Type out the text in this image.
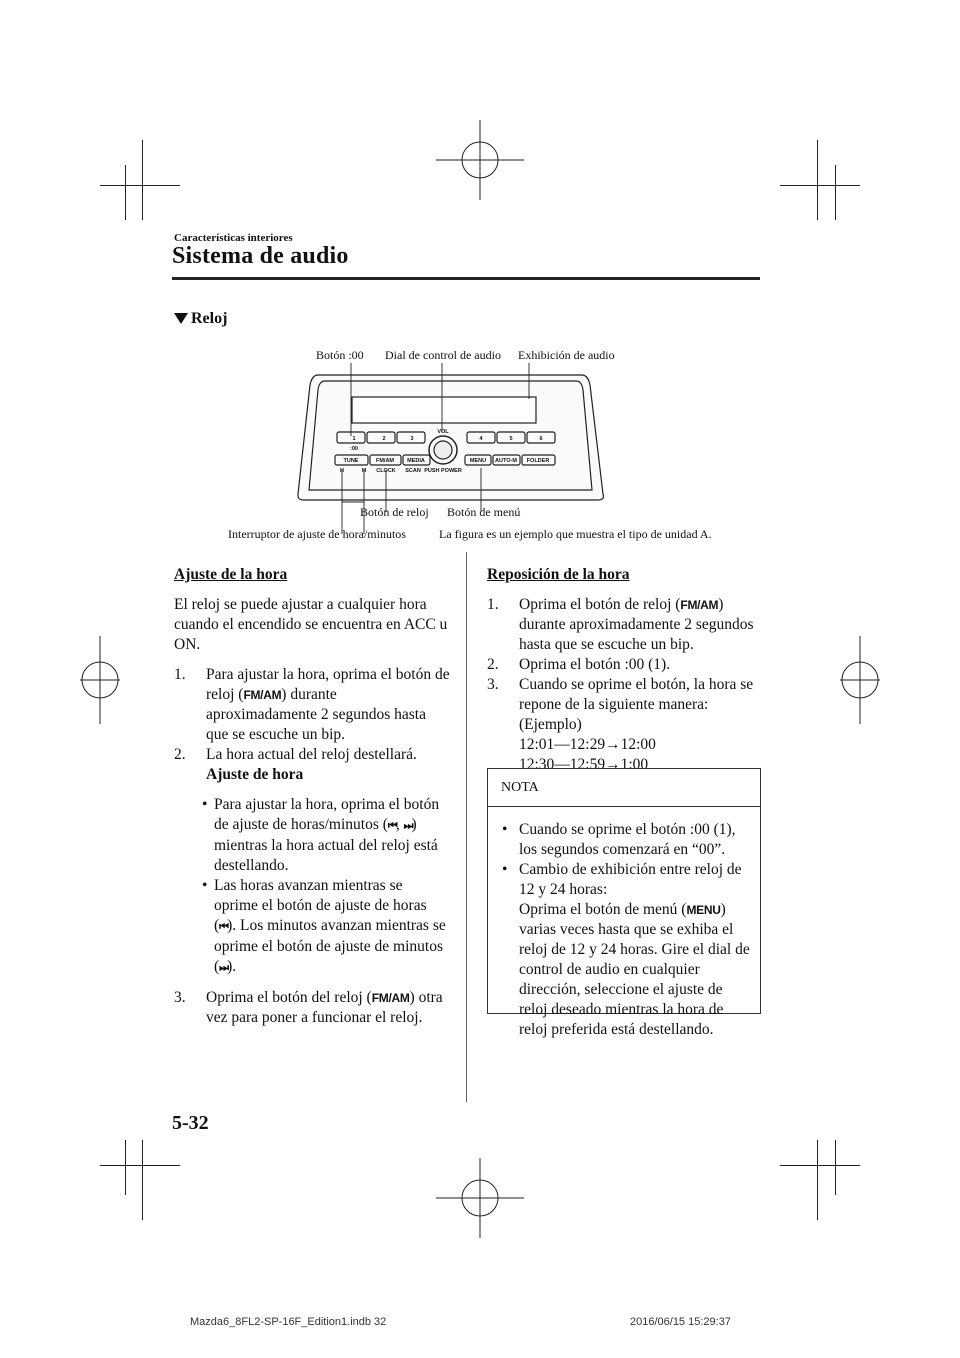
Características interiores
Sistema de audio
Reloj
Botón :00 Dial de control de audio Exhibición de audio
Botón de reloj Botón de menú
Interruptor de ajuste de hora/minutos	La figura es un ejemplo que muestra el tipo de unidad A.
1	2	3	4	5	6
:00
TUNE	FM/AM MEDIA
H	M CLOCK SCAN
VOL
PUSH POWER
MENU AUTO-M FOLDER

Ajuste de la hora

El reloj se puede ajustar a cualquier hora cuando el encendido se encuentra en ACC u ON.

1. Para ajustar la hora, oprima el botón de reloj (FM/AM) durante aproximadamente 2 segundos hasta que se escuche un bip.
2. La hora actual del reloj destellará.
Ajuste de hora
• Para ajustar la hora, oprima el botón de ajuste de horas/minutos (⏮, ⏭) mientras la hora actual del reloj está destellando.
• Las horas avanzan mientras se oprime el botón de ajuste de horas (⏮). Los minutos avanzan mientras se oprime el botón de ajuste de minutos (⏭).
3. Oprima el botón del reloj (FM/AM) otra vez para poner a funcionar el reloj.

Reposición de la hora

1. Oprima el botón de reloj (FM/AM) durante aproximadamente 2 segundos hasta que se escuche un bip.
2. Oprima el botón :00 (1).
3. Cuando se oprime el botón, la hora se repone de la siguiente manera:
(Ejemplo)
12:01—12:29→12:00
12:30—12:59→1:00
NOTA
• Cuando se oprime el botón :00 (1), los segundos comenzará en “00”.
• Cambio de exhibición entre reloj de 12 y 24 horas:
Oprima el botón de menú (MENU) varias veces hasta que se exhiba el reloj de 12 y 24 horas. Gire el dial de control de audio en cualquier dirección, seleccione el ajuste de reloj deseado mientras la hora de reloj preferida está destellando.
5-32
Mazda6_8FL2-SP-16F_Edition1.indb 32	2016/06/15 15:29:37
